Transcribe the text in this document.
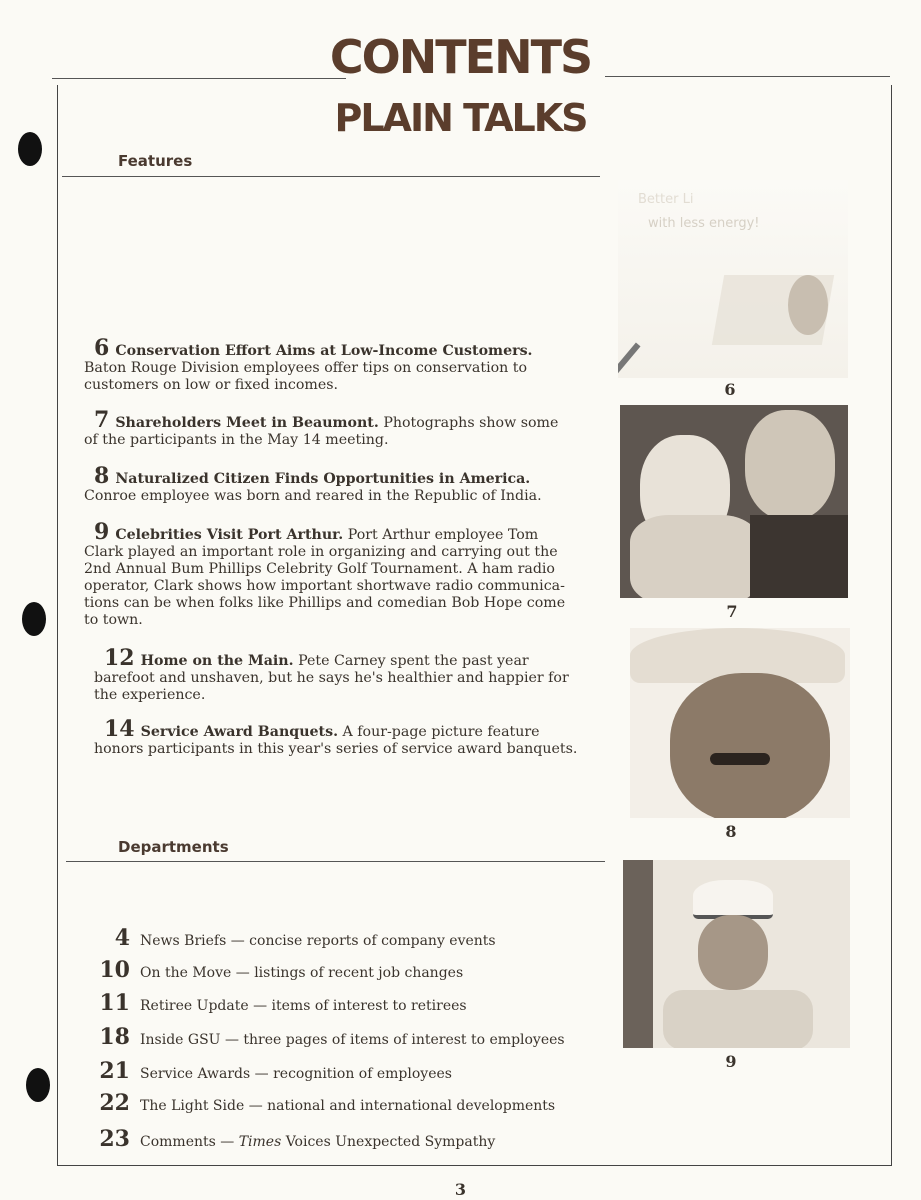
CONTENTS
PLAIN TALKS
Features
6 Conservation Effort Aims at Low-Income Customers. Baton Rouge Division employees offer tips on conservation to customers on low or fixed incomes.
7 Shareholders Meet in Beaumont. Photographs show some of the participants in the May 14 meeting.
8 Naturalized Citizen Finds Opportunities in America. Conroe employee was born and reared in the Republic of India.
9 Celebrities Visit Port Arthur. Port Arthur employee Tom Clark played an important role in organizing and carrying out the 2nd Annual Bum Phillips Celebrity Golf Tournament. A ham radio operator, Clark shows how important shortwave radio communica-tions can be when folks like Phillips and comedian Bob Hope come to town.
12 Home on the Main. Pete Carney spent the past year barefoot and unshaven, but he says he's healthier and happier for the experience.
14 Service Award Banquets. A four-page picture feature honors participants in this year's series of service award banquets.
Departments
4 News Briefs — concise reports of company events
10 On the Move — listings of recent job changes
11 Retiree Update — items of interest to retirees
18 Inside GSU — three pages of items of interest to employees
21 Service Awards — recognition of employees
22 The Light Side — national and international developments
23 Comments — Times Voices Unexpected Sympathy
Better Li
with less energy!
6
7
8
9
3
